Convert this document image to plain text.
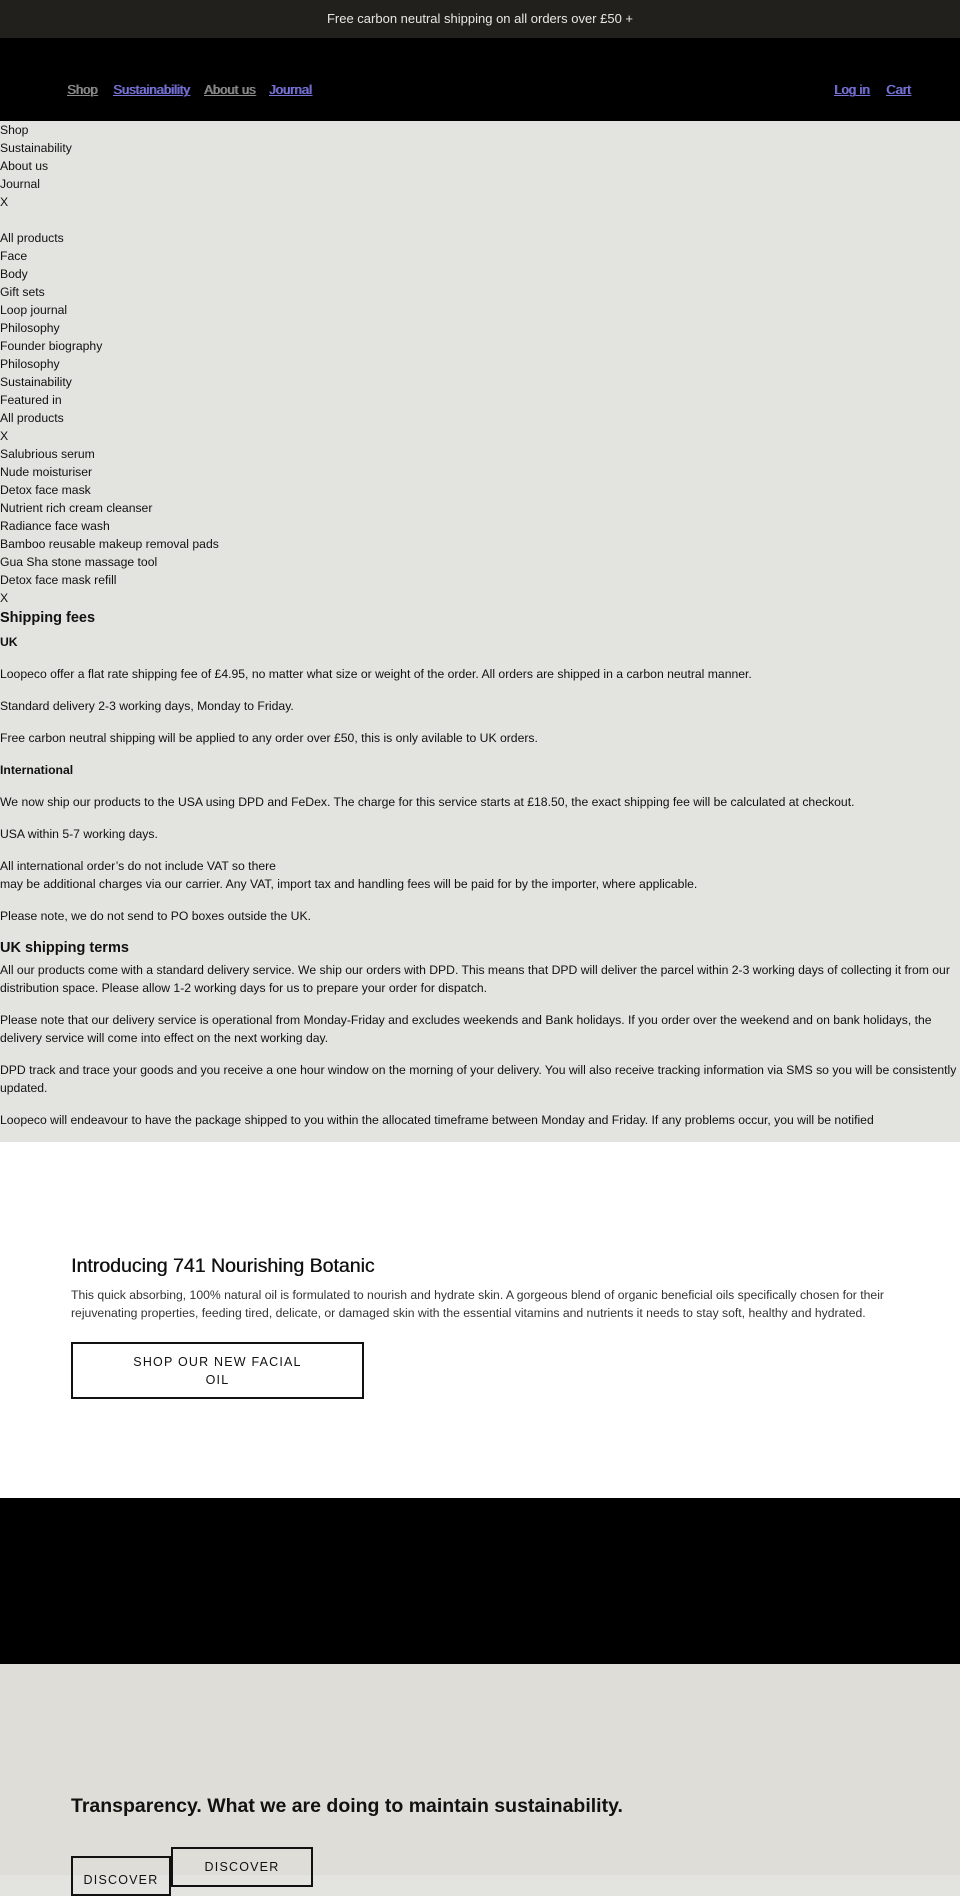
Free carbon neutral shipping on all orders over £50 +
Shop Sustainability About us Journal	Log in Cart
Shop
Sustainability
About us
Journal
X
All products
Face
Body
Gift sets
Loop journal
Philosophy
Founder biography
Philosophy
Sustainability
Featured in
All products
X
Salubrious serum
Nude moisturiser
Detox face mask
Nutrient rich cream cleanser
Radiance face wash
Bamboo reusable makeup removal pads
Gua Sha stone massage tool
Detox face mask refill
X
Shipping fees
UK

Loopeco offer a flat rate shipping fee of £4.95, no matter what size or weight of the order. All orders are shipped in a carbon neutral manner.

Standard delivery 2-3 working days, Monday to Friday.

Free carbon neutral shipping will be applied to any order over £50, this is only avilable to UK orders.

International

We now ship our products to the USA using DPD and FeDex. The charge for this service starts at £18.50, the exact shipping fee will be calculated at checkout.

USA within 5-7 working days.

All international order’s do not include VAT so there
may be additional charges via our carrier. Any VAT, import tax and handling fees will be paid for by the importer, where applicable.

Please note, we do not send to PO boxes outside the UK.

UK shipping terms

All our products come with a standard delivery service. We ship our orders with DPD. This means that DPD will deliver the parcel within 2-3 working days of collecting it from our distribution space. Please allow 1-2 working days for us to prepare your order for dispatch.

Please note that our delivery service is operational from Monday-Friday and excludes weekends and Bank holidays. If you order over the weekend and on bank holidays, the delivery service will come into effect on the next working day.

DPD track and trace your goods and you receive a one hour window on the morning of your delivery. You will also receive tracking information via SMS so you will be consistently updated.

Loopeco will endeavour to have the package shipped to you within the allocated timeframe between Monday and Friday. If any problems occur, you will be notified

Introducing 741 Nourishing Botanic

This quick absorbing, 100% natural oil is formulated to nourish and hydrate skin. A gorgeous blend of organic beneficial oils specifically chosen for their rejuvenating properties, feeding tired, delicate, or damaged skin with the essential vitamins and nutrients it needs to stay soft, healthy and hydrated.

SHOP OUR NEW FACIAL
OIL
Transparency. What we are doing to maintain sustainability.
DISCOVER
DISCOVER
